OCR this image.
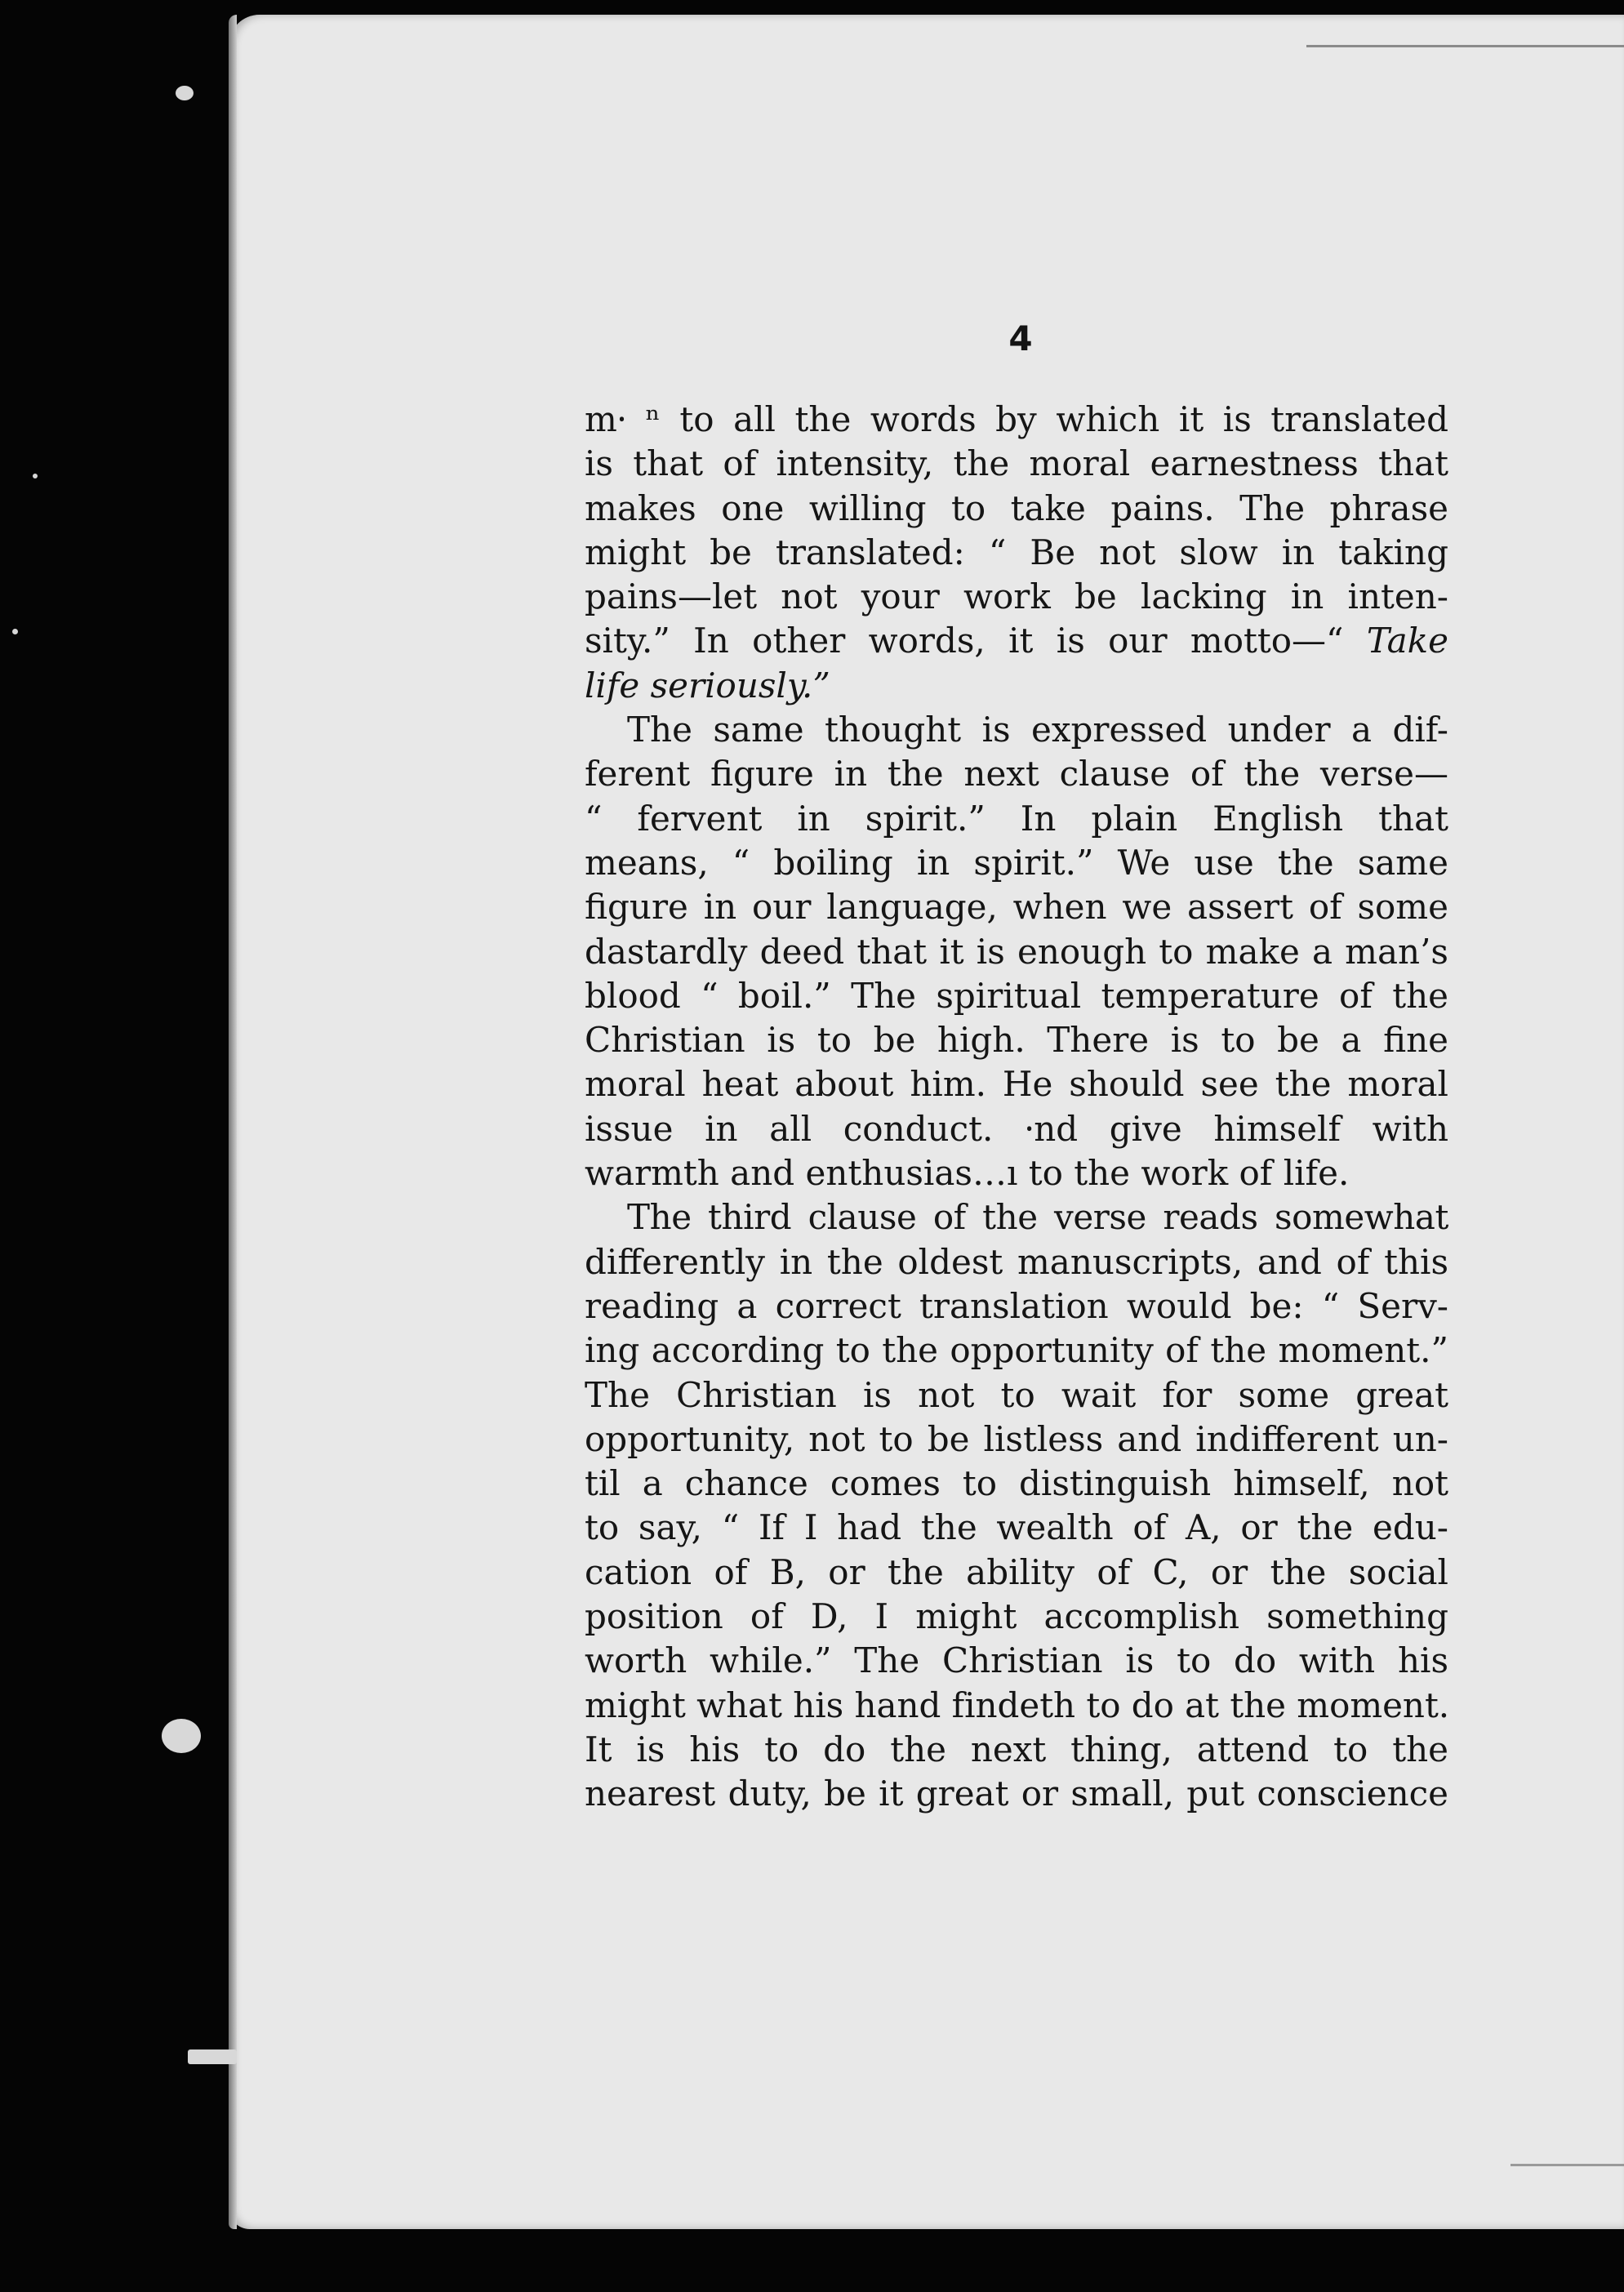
4
m⸱ ⁿ to all the words by which it is translated
is that of intensity, the moral earnestness that
makes one willing to take pains. The phrase
might be translated: “ Be not slow in taking
pains—let not your work be lacking in inten-
sity.” In other words, it is our motto—“ Take
life seriously.”
The same thought is expressed under a dif-
ferent figure in the next clause of the verse—
“ fervent in spirit.” In plain English that
means, “ boiling in spirit.” We use the same
figure in our language, when we assert of some
dastardly deed that it is enough to make a man’s
blood “ boil.” The spiritual temperature of the
Christian is to be high. There is to be a fine
moral heat about him. He should see the moral
issue in all conduct. ⸱nd give himself with
warmth and enthusias…ı to the work of life.
The third clause of the verse reads somewhat
differently in the oldest manuscripts, and of this
reading a correct translation would be: “ Serv-
ing according to the opportunity of the moment.”
The Christian is not to wait for some great
opportunity, not to be listless and indifferent un-
til a chance comes to distinguish himself, not
to say, “ If I had the wealth of A, or the edu-
cation of B, or the ability of C, or the social
position of D, I might accomplish something
worth while.” The Christian is to do with his
might what his hand findeth to do at the moment.
It is his to do the next thing, attend to the
nearest duty, be it great or small, put conscience
